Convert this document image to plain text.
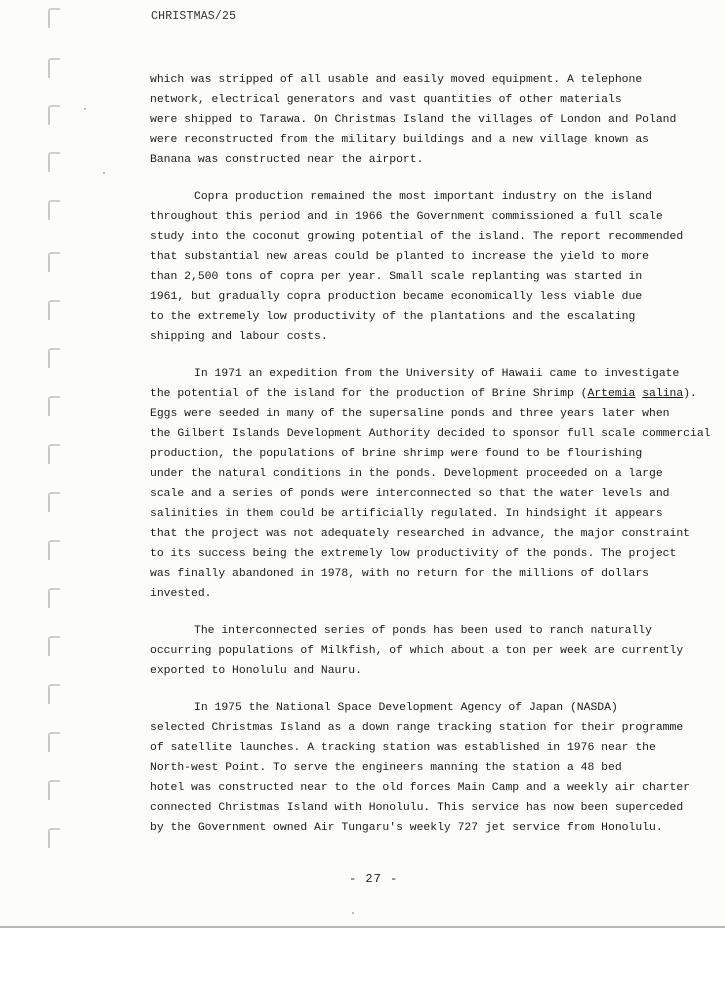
CHRISTMAS/25

which was stripped of all usable and easily moved equipment. A telephone
network, electrical generators and vast quantities of other materials
were shipped to Tarawa. On Christmas Island the villages of London and Poland
were reconstructed from the military buildings and a new village known as
Banana was constructed near the airport.

Copra production remained the most important industry on the island
throughout this period and in 1966 the Government commissioned a full scale
study into the coconut growing potential of the island. The report recommended
that substantial new areas could be planted to increase the yield to more
than 2,500 tons of copra per year. Small scale replanting was started in
1961, but gradually copra production became economically less viable due
to the extremely low productivity of the plantations and the escalating
shipping and labour costs.

In 1971 an expedition from the University of Hawaii came to investigate
the potential of the island for the production of Brine Shrimp (Artemia salina).
Eggs were seeded in many of the supersaline ponds and three years later when
the Gilbert Islands Development Authority decided to sponsor full scale commercial
production, the populations of brine shrimp were found to be flourishing
under the natural conditions in the ponds. Development proceeded on a large
scale and a series of ponds were interconnected so that the water levels and
salinities in them could be artificially regulated. In hindsight it appears
that the project was not adequately researched in advance, the major constraint
to its success being the extremely low productivity of the ponds. The project
was finally abandoned in 1978, with no return for the millions of dollars
invested.

The interconnected series of ponds has been used to ranch naturally
occurring populations of Milkfish, of which about a ton per week are currently
exported to Honolulu and Nauru.

In 1975 the National Space Development Agency of Japan (NASDA)
selected Christmas Island as a down range tracking station for their programme
of satellite launches. A tracking station was established in 1976 near the
North-west Point. To serve the engineers manning the station a 48 bed
hotel was constructed near to the old forces Main Camp and a weekly air charter
connected Christmas Island with Honolulu. This service has now been superceded
by the Government owned Air Tungaru's weekly 727 jet service from Honolulu.

- 27 -
